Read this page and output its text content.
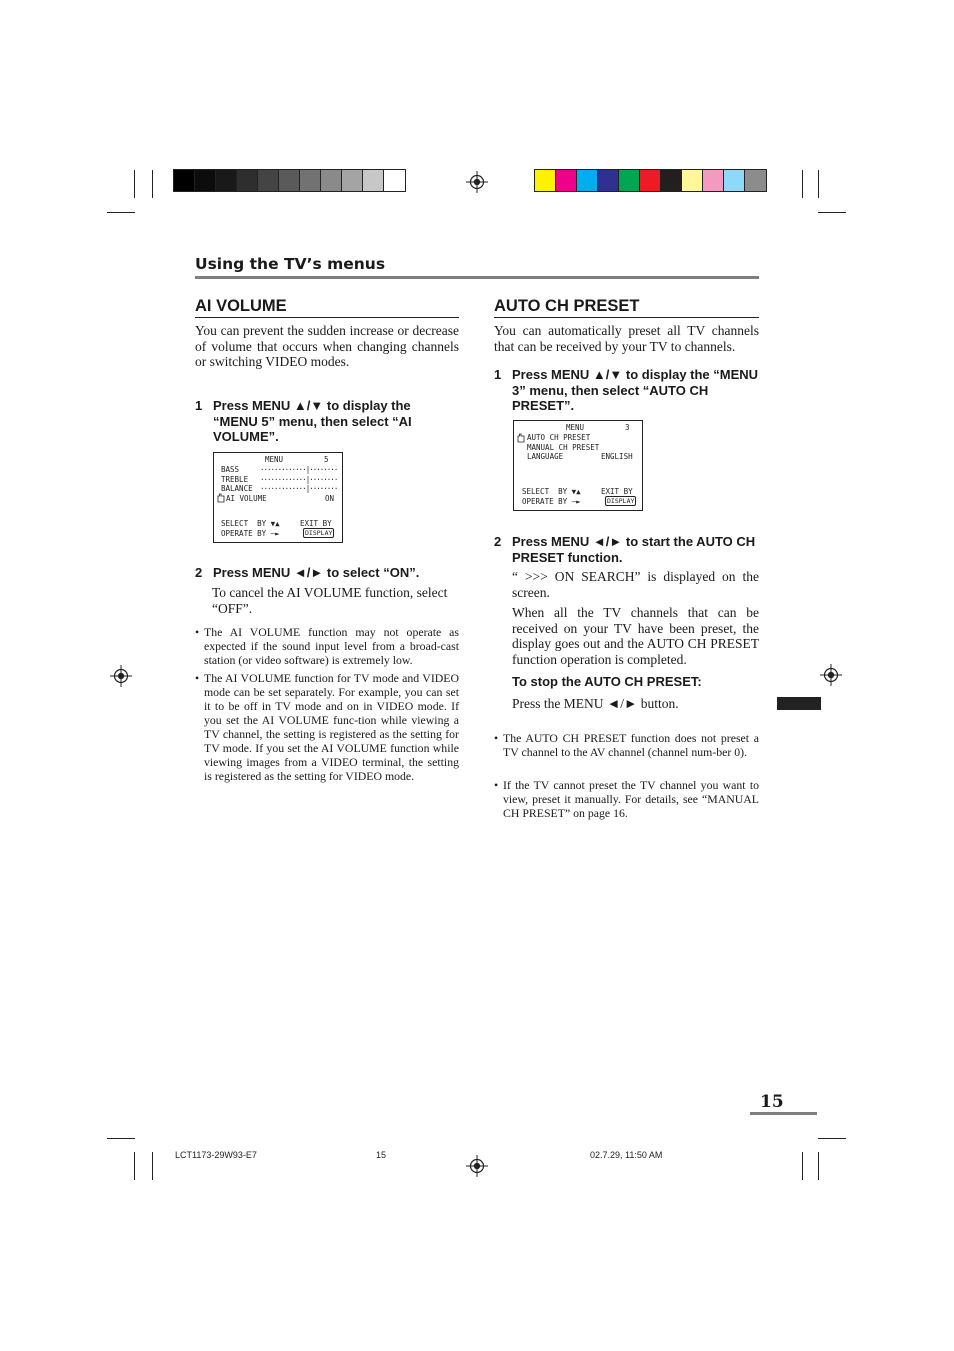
Using the TV’s menus
AI VOLUME
You can prevent the sudden increase or decrease of volume that occurs when changing channels or switching VIDEO modes.
1 Press MENU ▲/▼ to display the “MENU 5” menu, then select “AI VOLUME”.
MENU	5
BASS	·············|········
TREBLE ·············|········
BALANCE ·············|········
AI VOLUME	ON
SELECT  BY ▼▲	EXIT BY
OPERATE BY —►	DISPLAY
2 Press MENU ◄/► to select “ON”.
To cancel the AI VOLUME function, select “OFF”.
• The AI VOLUME function may not operate as expected if the sound input level from a broad-cast station (or video software) is extremely low.
• The AI VOLUME function for TV mode and VIDEO mode can be set separately. For example, you can set it to be off in TV mode and on in VIDEO mode. If you set the AI VOLUME func-tion while viewing a TV channel, the setting is registered as the setting for TV mode. If you set the AI VOLUME function while viewing images from a VIDEO terminal, the setting is registered as the setting for VIDEO mode.
AUTO CH PRESET
You can automatically preset all TV channels that can be received by your TV to channels.
1 Press MENU ▲/▼ to display the “MENU 3” menu, then select “AUTO CH PRESET”.
MENU	3
AUTO CH PRESET
MANUAL CH PRESET
LANGUAGE	ENGLISH
SELECT  BY ▼▲	EXIT BY
OPERATE BY —►	DISPLAY
2 Press MENU ◄/► to start the AUTO CH PRESET function.
“ >>> ON SEARCH” is displayed on the screen.
When all the TV channels that can be received on your TV have been preset, the display goes out and the AUTO CH PRESET function operation is completed.
To stop the AUTO CH PRESET:
Press the MENU ◄/► button.
• The AUTO CH PRESET function does not preset a TV channel to the AV channel (channel num-ber 0).
• If the TV cannot preset the TV channel you want to view, preset it manually. For details, see “MANUAL CH PRESET” on page 16.
15
LCT1173-29W93-E7	15	02.7.29, 11:50 AM
